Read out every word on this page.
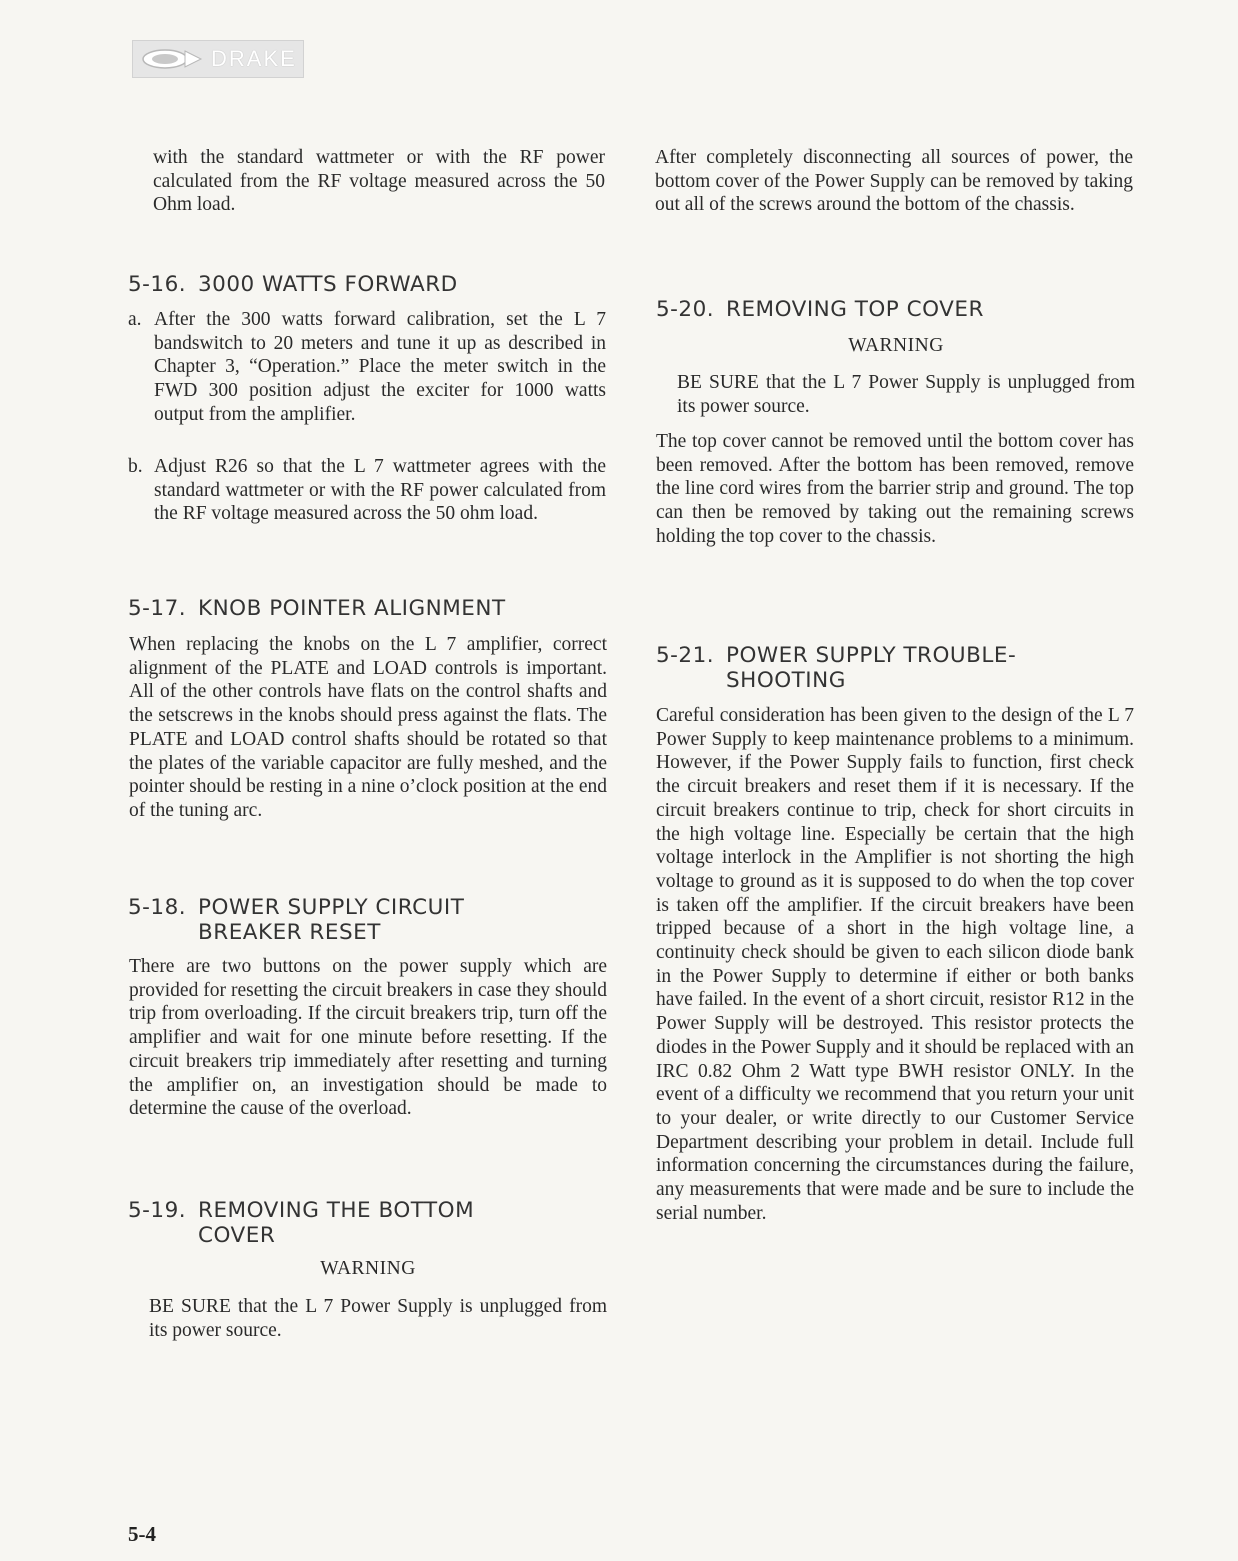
DRAKE

with the standard wattmeter or with the RF power calculated from the RF voltage measured across the 50 Ohm load.

5-16. 3000 WATTS FORWARD
a. After the 300 watts forward calibration, set the L 7 bandswitch to 20 meters and tune it up as described in Chapter 3, “Operation.” Place the meter switch in the FWD 300 position adjust the exciter for 1000 watts output from the amplifier.

b. Adjust R26 so that the L 7 wattmeter agrees with the standard wattmeter or with the RF power calculated from the RF voltage measured across the 50 ohm load.

5-17. KNOB POINTER ALIGNMENT

When replacing the knobs on the L 7 amplifier, correct alignment of the PLATE and LOAD controls is important. All of the other controls have flats on the control shafts and the setscrews in the knobs should press against the flats. The PLATE and LOAD control shafts should be rotated so that the plates of the variable capacitor are fully meshed, and the pointer should be resting in a nine o’clock position at the end of the tuning arc.

5-18. POWER SUPPLY CIRCUIT
BREAKER RESET

There are two buttons on the power supply which are provided for resetting the circuit breakers in case they should trip from overloading. If the circuit breakers trip, turn off the amplifier and wait for one minute before resetting. If the circuit breakers trip immediately after resetting and turning the amplifier on, an investigation should be made to determine the cause of the overload.

5-19. REMOVING THE BOTTOM
COVER
WARNING

BE SURE that the L 7 Power Supply is unplugged from its power source.

After completely disconnecting all sources of power, the bottom cover of the Power Supply can be removed by taking out all of the screws around the bottom of the chassis.

5-20. REMOVING TOP COVER
WARNING

BE SURE that the L 7 Power Supply is unplugged from its power source.

The top cover cannot be removed until the bottom cover has been removed. After the bottom has been removed, remove the line cord wires from the barrier strip and ground. The top can then be removed by taking out the remaining screws holding the top cover to the chassis.

5-21. POWER SUPPLY TROUBLE-
SHOOTING

Careful consideration has been given to the design of the L 7 Power Supply to keep maintenance problems to a minimum. However, if the Power Supply fails to function, first check the circuit breakers and reset them if it is necessary. If the circuit breakers continue to trip, check for short circuits in the high voltage line. Especially be certain that the high voltage interlock in the Amplifier is not shorting the high voltage to ground as it is supposed to do when the top cover is taken off the amplifier. If the circuit breakers have been tripped because of a short in the high voltage line, a continuity check should be given to each silicon diode bank in the Power Supply to determine if either or both banks have failed. In the event of a short circuit, resistor R12 in the Power Supply will be destroyed. This resistor protects the diodes in the Power Supply and it should be replaced with an IRC 0.82 Ohm 2 Watt type BWH resistor ONLY. In the event of a difficulty we recommend that you return your unit to your dealer, or write directly to our Customer Service Department describing your problem in detail. Include full information concerning the circumstances during the failure, any measurements that were made and be sure to include the serial number.

5-4
